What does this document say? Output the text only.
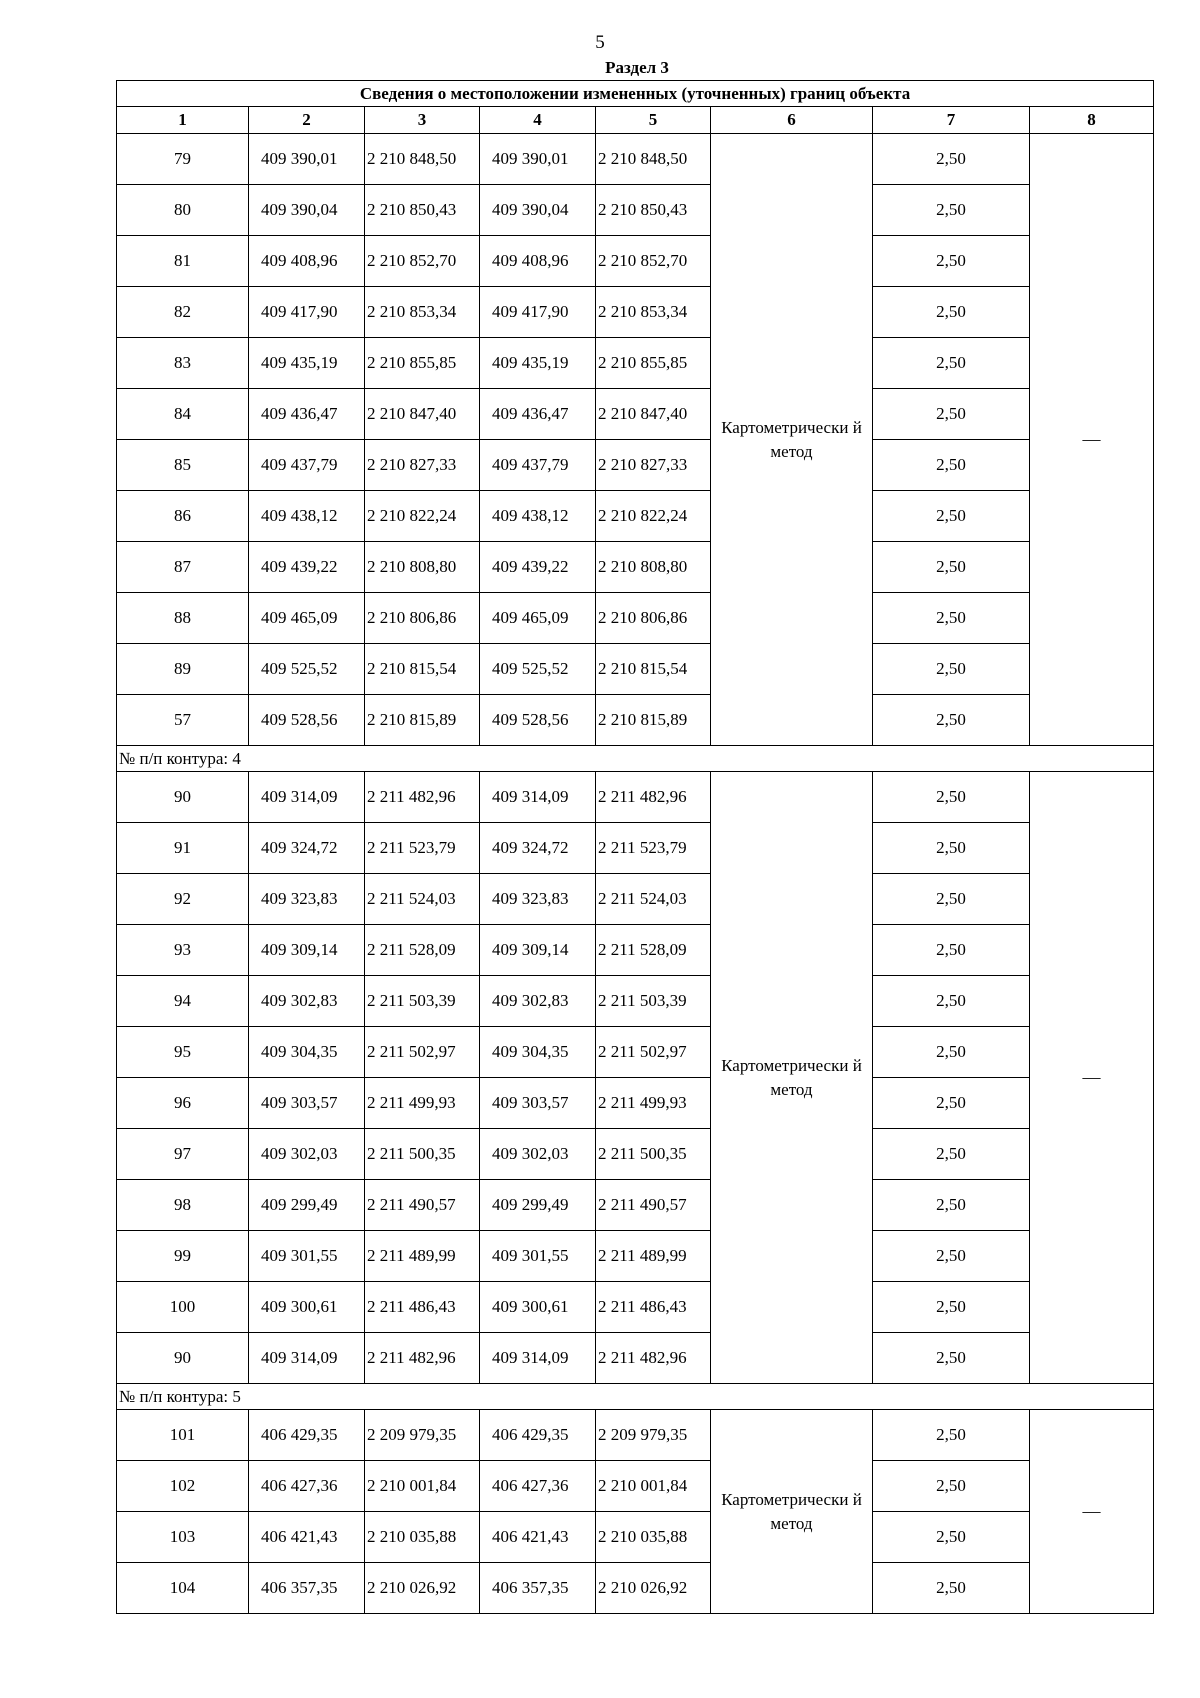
5
Раздел 3
Сведения о местоположении измененных (уточненных) границ объекта							
1	2	3	4	5	6	7	8
79	409 390,01	2 210 848,50	409 390,01	2 210 848,50	Картометрически й метод	2,50	—
80	409 390,04	2 210 850,43	409 390,04	2 210 850,43		2,50	
81	409 408,96	2 210 852,70	409 408,96	2 210 852,70		2,50	
82	409 417,90	2 210 853,34	409 417,90	2 210 853,34		2,50	
83	409 435,19	2 210 855,85	409 435,19	2 210 855,85		2,50	
84	409 436,47	2 210 847,40	409 436,47	2 210 847,40		2,50	
85	409 437,79	2 210 827,33	409 437,79	2 210 827,33		2,50	
86	409 438,12	2 210 822,24	409 438,12	2 210 822,24		2,50	
87	409 439,22	2 210 808,80	409 439,22	2 210 808,80		2,50	
88	409 465,09	2 210 806,86	409 465,09	2 210 806,86		2,50	
89	409 525,52	2 210 815,54	409 525,52	2 210 815,54		2,50	
57	409 528,56	2 210 815,89	409 528,56	2 210 815,89		2,50	
№ п/п контура: 4							
90	409 314,09	2 211 482,96	409 314,09	2 211 482,96	Картометрически й метод	2,50	—
91	409 324,72	2 211 523,79	409 324,72	2 211 523,79		2,50	
92	409 323,83	2 211 524,03	409 323,83	2 211 524,03		2,50	
93	409 309,14	2 211 528,09	409 309,14	2 211 528,09		2,50	
94	409 302,83	2 211 503,39	409 302,83	2 211 503,39		2,50	
95	409 304,35	2 211 502,97	409 304,35	2 211 502,97		2,50	
96	409 303,57	2 211 499,93	409 303,57	2 211 499,93		2,50	
97	409 302,03	2 211 500,35	409 302,03	2 211 500,35		2,50	
98	409 299,49	2 211 490,57	409 299,49	2 211 490,57		2,50	
99	409 301,55	2 211 489,99	409 301,55	2 211 489,99		2,50	
100	409 300,61	2 211 486,43	409 300,61	2 211 486,43		2,50	
90	409 314,09	2 211 482,96	409 314,09	2 211 482,96		2,50	
№ п/п контура: 5							
101	406 429,35	2 209 979,35	406 429,35	2 209 979,35	Картометрически й метод	2,50	—
102	406 427,36	2 210 001,84	406 427,36	2 210 001,84		2,50	
103	406 421,43	2 210 035,88	406 421,43	2 210 035,88		2,50	
104	406 357,35	2 210 026,92	406 357,35	2 210 026,92		2,50	
